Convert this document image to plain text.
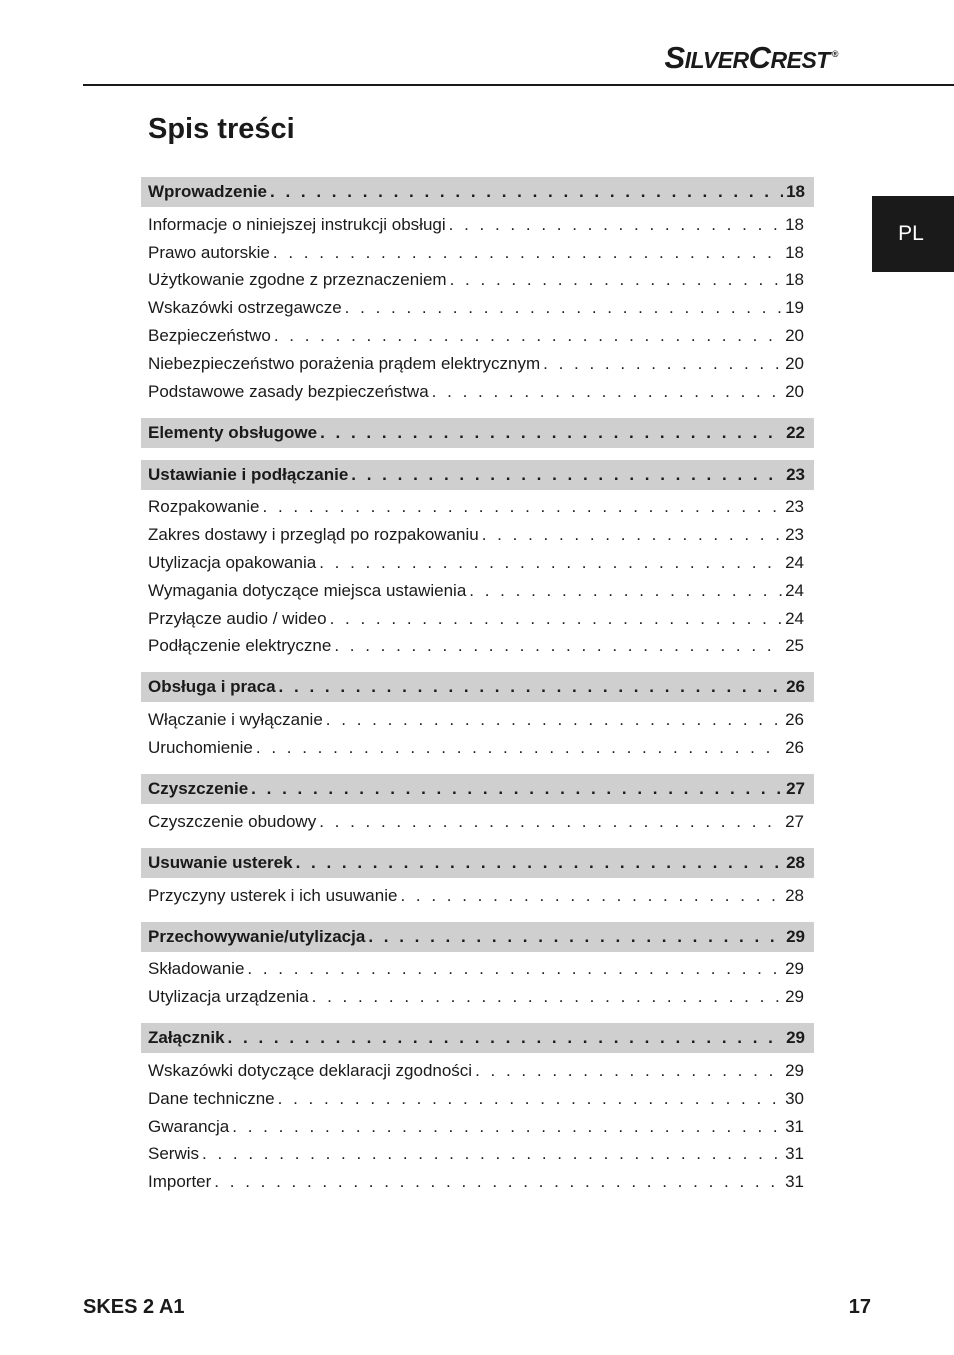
SILVERCREST ®
Spis treści
PL
Wprowadzenie . . .	18
Informacje o niniejszej instrukcji obsługi . . .	18
Prawo autorskie . . .	18
Użytkowanie zgodne z przeznaczeniem . . .	18
Wskazówki ostrzegawcze . . .	19
Bezpieczeństwo . . .	20
Niebezpieczeństwo porażenia prądem elektrycznym . . .	20
Podstawowe zasady bezpieczeństwa . . .	20
Elementy obsługowe . . .	22
Ustawianie i podłączanie . . .	23
Rozpakowanie . . .	23
Zakres dostawy i przegląd po rozpakowaniu . . .	23
Utylizacja opakowania . . .	24
Wymagania dotyczące miejsca ustawienia . . .	24
Przyłącze audio / wideo . . .	24
Podłączenie elektryczne . . .	25
Obsługa i praca . . .	26
Włączanie i wyłączanie . . .	26
Uruchomienie . . .	26
Czyszczenie . . .	27
Czyszczenie obudowy . . .	27
Usuwanie usterek . . .	28
Przyczyny usterek i ich usuwanie . . .	28
Przechowywanie/utylizacja . . .	29
Składowanie . . .	29
Utylizacja urządzenia . . .	29
Załącznik . . .	29
Wskazówki dotyczące deklaracji zgodności . . .	29
Dane techniczne . . .	30
Gwarancja . . .	31
Serwis . . .	31
Importer . . .	31
SKES 2 A1	17
